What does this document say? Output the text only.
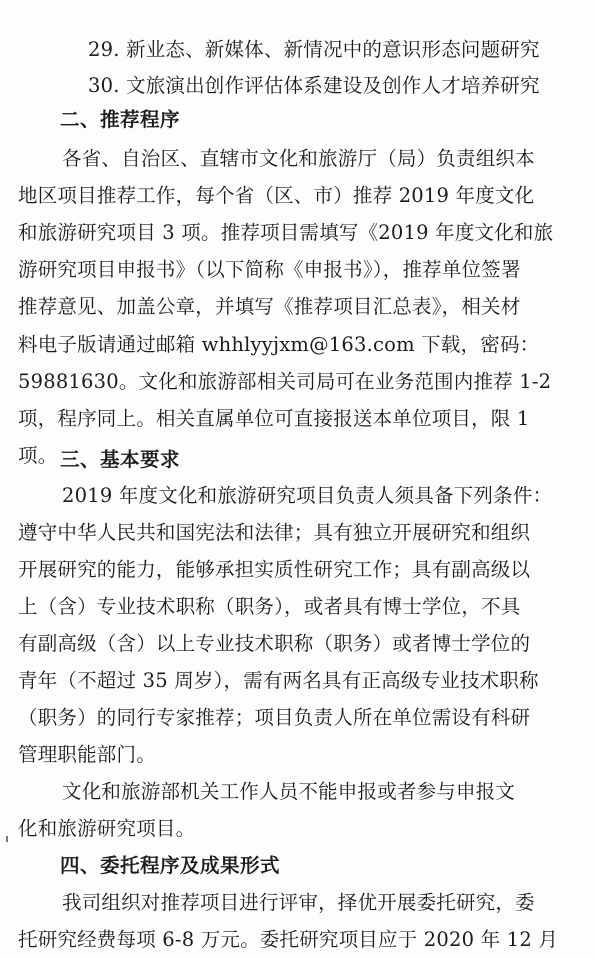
29. 新业态、新媒体、新情况中的意识形态问题研究
30. 文旅演出创作评估体系建设及创作人才培养研究
二、推荐程序
各省、自治区、直辖市文化和旅游厅（局）负责组织本
地区项目推荐工作，每个省（区、市）推荐 2019 年度文化
和旅游研究项目 3 项。推荐项目需填写《2019 年度文化和旅
游研究项目申报书》（以下简称《申报书》），推荐单位签署
推荐意见、加盖公章，并填写《推荐项目汇总表》，相关材
料电子版请通过邮箱 whhlyyjxm@163.com 下载，密码：
59881630。文化和旅游部相关司局可在业务范围内推荐 1-2
项，程序同上。相关直属单位可直接报送本单位项目，限 1
项。 三、基本要求
2019 年度文化和旅游研究项目负责人须具备下列条件：
遵守中华人民共和国宪法和法律；具有独立开展研究和组织
开展研究的能力，能够承担实质性研究工作；具有副高级以
上（含）专业技术职称（职务），或者具有博士学位，不具
有副高级（含）以上专业技术职称（职务）或者博士学位的
青年（不超过 35 周岁），需有两名具有正高级专业技术职称
（职务）的同行专家推荐；项目负责人所在单位需设有科研
管理职能部门。
文化和旅游部机关工作人员不能申报或者参与申报文
化和旅游研究项目。
四、委托程序及成果形式
我司组织对推荐项目进行评审，择优开展委托研究，委
托研究经费每项 6-8 万元。委托研究项目应于 2020 年 12 月
